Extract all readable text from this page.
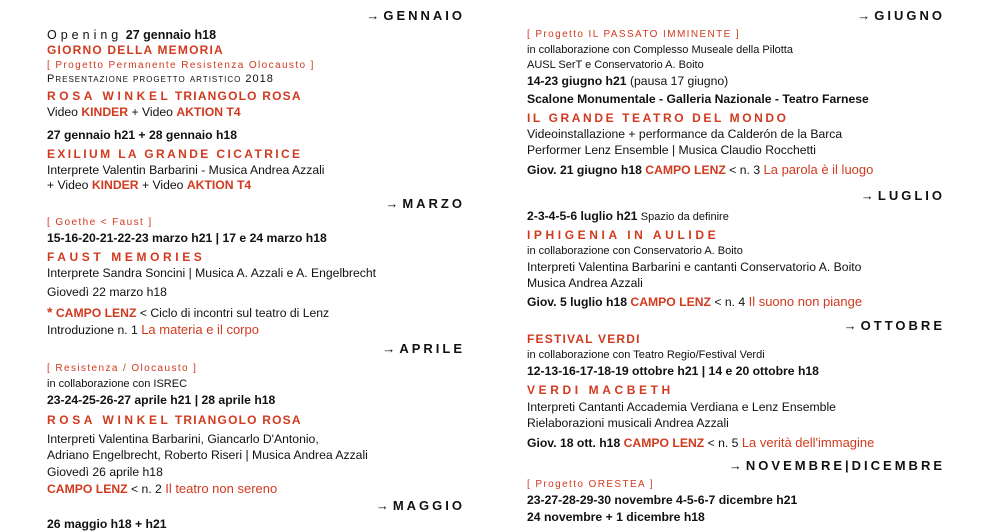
→ GENNAIO
Opening 27 gennaio h18
GIORNO DELLA MEMORIA
[ Progetto Permanente Resistenza Olocausto ]
Presentazione progetto artistico 2018
ROSA WINKEL TRIANGOLO ROSA
Video KINDER + Video AKTION T4
27 gennaio h21 + 28 gennaio h18
EXILIUM LA GRANDE CICATRICE
Interprete Valentin Barbarini - Musica Andrea Azzali
+ Video KINDER + Video AKTION T4
→ MARZO
[ Goethe < Faust ]
15-16-20-21-22-23 marzo h21 | 17 e 24 marzo h18
FAUST MEMORIES
Interprete Sandra Soncini | Musica A. Azzali e A. Engelbrecht
Giovedì 22 marzo h18
* CAMPO LENZ < Ciclo di incontri sul teatro di Lenz
Introduzione n. 1 La materia e il corpo
→ APRILE
[ Resistenza / Olocausto ]
in collaborazione con ISREC
23-24-25-26-27 aprile h21 | 28 aprile h18
ROSA WINKEL TRIANGOLO ROSA
Interpreti Valentina Barbarini, Giancarlo D'Antonio,
Adriano Engelbrecht, Roberto Riseri | Musica Andrea Azzali
Giovedì 26 aprile h18
CAMPO LENZ < n. 2 Il teatro non sereno
→ MAGGIO
26 maggio h18 + h21
→ GIUGNO
[ Progetto IL PASSATO IMMINENTE ]
in collaborazione con Complesso Museale della Pilotta
AUSL SerT e Conservatorio A. Boito
14-23 giugno h21 (pausa 17 giugno)
Scalone Monumentale - Galleria Nazionale - Teatro Farnese
IL GRANDE TEATRO DEL MONDO
Videoinstallazione + performance da Calderón de la Barca
Performer Lenz Ensemble | Musica Claudio Rocchetti
Giov. 21 giugno h18 CAMPO LENZ < n. 3 La parola è il luogo
→ LUGLIO
2-3-4-5-6 luglio h21 Spazio da definire
IPHIGENIA IN AULIDE
in collaborazione con Conservatorio A. Boito
Interpreti Valentina Barbarini e cantanti Conservatorio A. Boito
Musica Andrea Azzali
Giov. 5 luglio h18 CAMPO LENZ < n. 4 Il suono non piange
→ OTTOBRE
FESTIVAL VERDI
in collaborazione con Teatro Regio/Festival Verdi
12-13-16-17-18-19 ottobre h21 | 14 e 20 ottobre h18
VERDI MACBETH
Interpreti Cantanti Accademia Verdiana e Lenz Ensemble
Rielaborazioni musicali Andrea Azzali
Giov. 18 ott. h18 CAMPO LENZ < n. 5 La verità dell'immagine
→ NOVEMBRE|DICEMBRE
[ Progetto ORESTEA ]
23-27-28-29-30 novembre 4-5-6-7 dicembre h21
24 novembre + 1 dicembre h18
